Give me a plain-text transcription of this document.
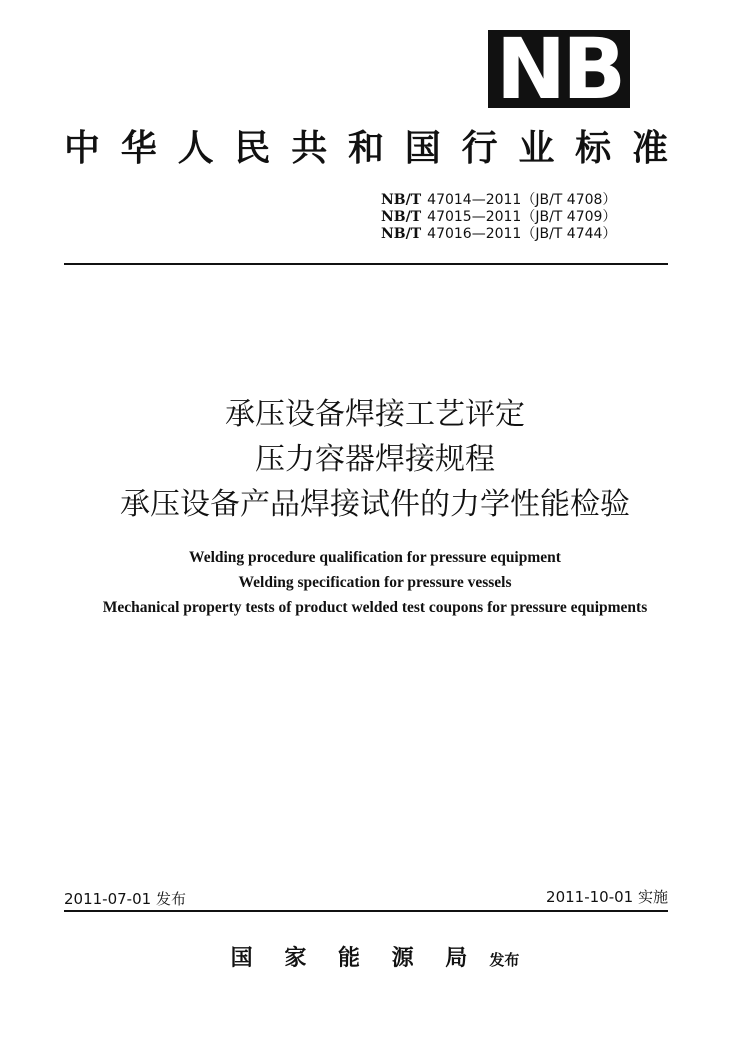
NB
中 华 人 民 共 和 国 行 业 标 准
NB/T 47014—2011（JB/T 4708）
NB/T 47015—2011（JB/T 4709）
NB/T 47016—2011（JB/T 4744）
承压设备焊接工艺评定
压力容器焊接规程
承压设备产品焊接试件的力学性能检验
Welding procedure qualification for pressure equipment
Welding specification for pressure vessels
Mechanical property tests of product welded test coupons for pressure equipments
2011-07-01 发布	2011-10-01 实施
国 家 能 源 局 发布
